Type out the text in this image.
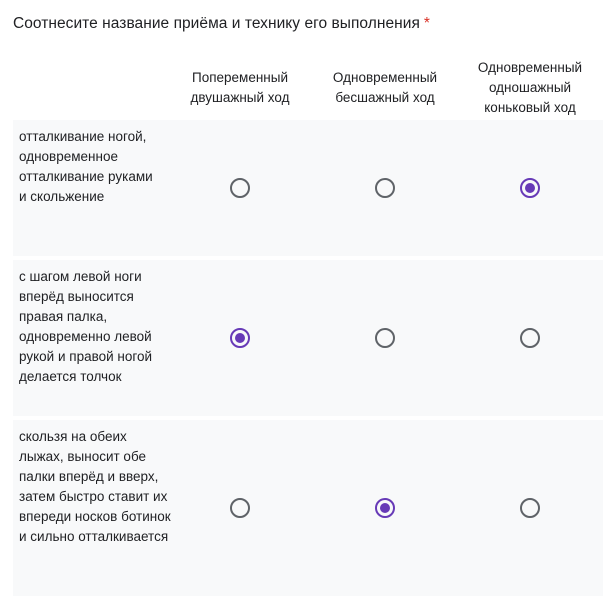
Соотнесите название приёма и технику его выполнения *
Попеременный двушажный ход
Одновременный бесшажный ход
Одновременный одношажный коньковый ход
отталкивание ногой, одновременное отталкивание руками и скольжение
с шагом левой ноги вперёд выносится правая палка, одновременно левой рукой и правой ногой делается толчок
скользя на обеих лыжах, выносит обе палки вперёд и вверх, затем быстро ставит их впереди носков ботинок и сильно отталкивается
